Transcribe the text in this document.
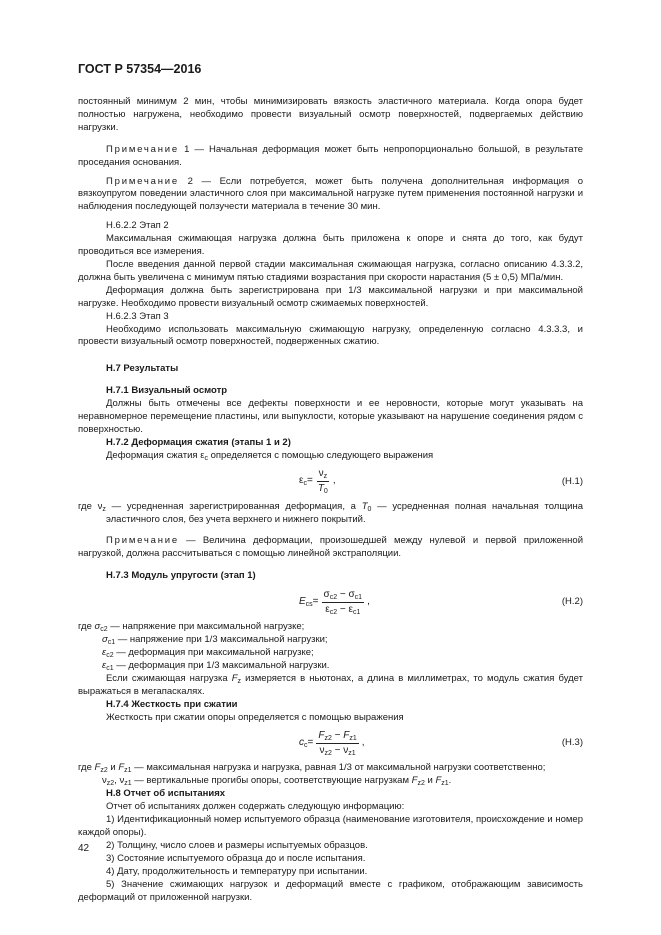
ГОСТ Р 57354—2016

постоянный минимум 2 мин, чтобы минимизировать вязкость эластичного материала. Когда опора будет полностью нагружена, необходимо провести визуальный осмотр поверхностей, подвергаемых действию нагрузки.

Примечание 1 — Начальная деформация может быть непропорционально большой, в результате проседания основания.

Примечание 2 — Если потребуется, может быть получена дополнительная информация о вязкоупругом поведении эластичного слоя при максимальной нагрузке путем применения постоянной нагрузки и наблюдения последующей ползучести материала в течение 30 мин.

Н.6.2.2 Этап 2

Максимальная сжимающая нагрузка должна быть приложена к опоре и снята до того, как будут проводиться все измерения.

После введения данной первой стадии максимальная сжимающая нагрузка, согласно описанию 4.3.3.2, должна быть увеличена с минимум пятью стадиями возрастания при скорости нарастания (5 ± 0,5) МПа/мин.

Деформация должна быть зарегистрирована при 1/3 максимальной нагрузки и при максимальной нагрузке. Необходимо провести визуальный осмотр сжимаемых поверхностей.

Н.6.2.3 Этап 3

Необходимо использовать максимальную сжимающую нагрузку, определенную согласно 4.3.3.3, и провести визуальный осмотр поверхностей, подверженных сжатию.

Н.7 Результаты

Н.7.1 Визуальный осмотр

Должны быть отмечены все дефекты поверхности и ее неровности, которые могут указывать на неравномерное перемещение пластины, или выпуклости, которые указывают на нарушение соединения рядом с поверхностью.

Н.7.2 Деформация сжатия (этапы 1 и 2)

Деформация сжатия $\varepsilon_c$ определяется с помощью следующего выражения

$\varepsilon_c = \frac{\nu_z}{T_0}$ ,	(Н.1)

где $\nu_z$ — усредненная зарегистрированная деформация, а $T_0$ — усредненная полная начальная толщина эластичного слоя, без учета верхнего и нижнего покрытий.

Примечание — Величина деформации, произошедшей между нулевой и первой приложенной нагрузкой, должна рассчитываться с помощью линейной экстраполяции.

Н.7.3 Модуль упругости (этап 1)

$E_{cs} = \frac{\sigma_{c2} - \sigma_{c1}}{\varepsilon_{c2} - \varepsilon_{c1}}$ ,	(Н.2)

где $\sigma_{c2}$ — напряжение при максимальной нагрузке;

$\sigma_{c1}$ — напряжение при 1/3 максимальной нагрузки;

$\varepsilon_{c2}$ — деформация при максимальной нагрузке;

$\varepsilon_{c1}$ — деформация при 1/3 максимальной нагрузки.

Если сжимающая нагрузка $F_z$ измеряется в ньютонах, а длина в миллиметрах, то модуль сжатия будет выражаться в мегапаскалях.

Н.7.4 Жесткость при сжатии

Жесткость при сжатии опоры определяется с помощью выражения

$c_c = \frac{F_{z2} - F_{z1}}{\nu_{z2} - \nu_{z1}}$ ,	(Н.3)

где $F_{z2}$ и $F_{z1}$ — максимальная нагрузка и нагрузка, равная 1/3 от максимальной нагрузки соответственно;

$\nu_{z2}$, $\nu_{z1}$ — вертикальные прогибы опоры, соответствующие нагрузкам $F_{z2}$ и $F_{z1}$.

Н.8 Отчет об испытаниях

Отчет об испытаниях должен содержать следующую информацию:

1) Идентификационный номер испытуемого образца (наименование изготовителя, происхождение и номер каждой опоры).

2) Толщину, число слоев и размеры испытуемых образцов.

3) Состояние испытуемого образца до и после испытания.

4) Дату, продолжительность и температуру при испытании.

5) Значение сжимающих нагрузок и деформаций вместе с графиком, отображающим зависимость деформаций от приложенной нагрузки.

42
